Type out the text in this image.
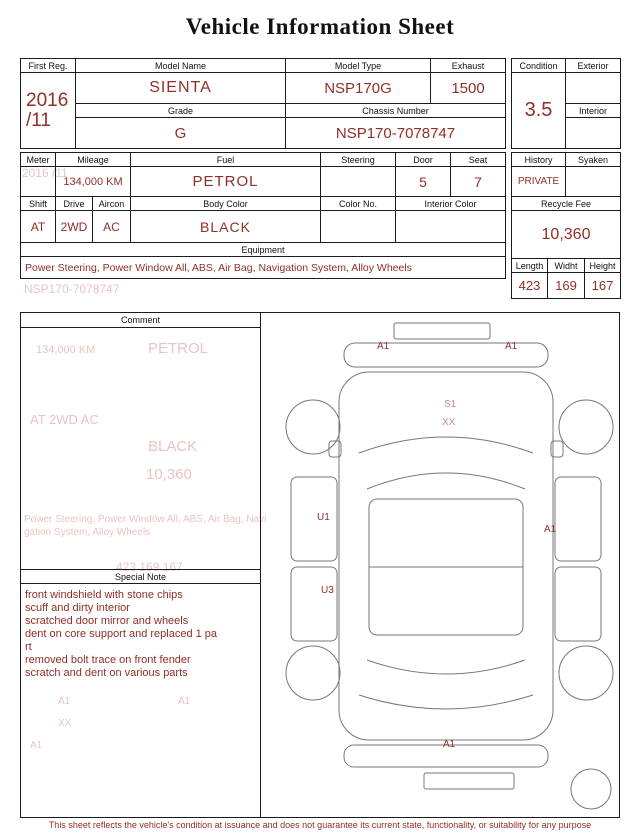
Vehicle Information Sheet
2016 /11
NSP170-7078747
134,000 KM	PETROL
AT 2WD AC
BLACK
10,360
Power Steering, Power Window All, ABS, Air Bag, Navi
gation System, Alloy Wheels
423 169 167
A1	A1
XX
A1
First Reg.	Model Name	Model Type	Exhaust

2016
/11	SIENTA	NSP170G	1500
	Grade	Chassis Number	
	G	NSP170-7078747	
Condition	Exterior
3.5	
	Interior

Meter	Mileage		Fuel	Steering	Door	Seat
	134,000 KM		PETROL		5	7
Shift	Drive	Aircon	Body Color	Color No.	Interior Color	
AT	2WD	AC	BLACK			
Equipment						
Power Steering, Power Window All, ABS, Air Bag, Navigation System, Alloy Wheels						
History		Syaken	
PRIVATE			
Recycle Fee			
10,360			
Length	Widht		Height
423	169		167
Comment
Special Note
front windshield with stone chips
scuff and dirty interior
scratched door mirror and wheels
dent on core support and replaced 1 pa
rt
removed bolt trace on front fender
scratch and dent on various parts
A1	A1
S1
XX
U1
A1
U3
A1
This sheet reflects the vehicle's condition at issuance and does not guarantee its current state, functionality, or suitability for any purpose
